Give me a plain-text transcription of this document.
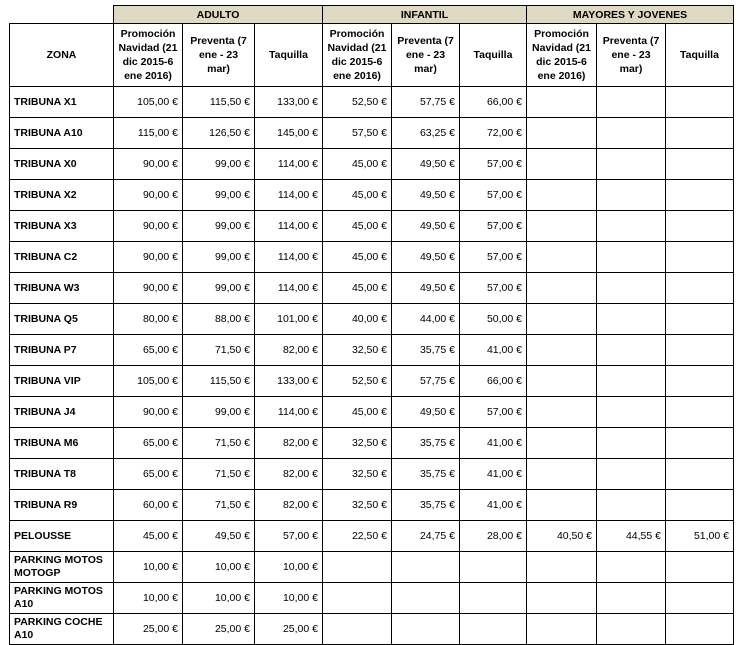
	ADULTO			INFANTIL			MAYORES Y JOVENES		
ZONA	Promoción Navidad (21 dic 2015-6 ene 2016)	Preventa (7 ene - 23 mar)	Taquilla	Promoción Navidad (21 dic 2015-6 ene 2016)	Preventa (7 ene - 23 mar)	Taquilla	Promoción Navidad (21 dic 2015-6 ene 2016)	Preventa (7 ene - 23 mar)	Taquilla
TRIBUNA X1	105,00 €	115,50 €	133,00 €	52,50 €	57,75 €	66,00 €			
TRIBUNA A10	115,00 €	126,50 €	145,00 €	57,50 €	63,25 €	72,00 €			
TRIBUNA X0	90,00 €	99,00 €	114,00 €	45,00 €	49,50 €	57,00 €			
TRIBUNA X2	90,00 €	99,00 €	114,00 €	45,00 €	49,50 €	57,00 €			
TRIBUNA X3	90,00 €	99,00 €	114,00 €	45,00 €	49,50 €	57,00 €			
TRIBUNA C2	90,00 €	99,00 €	114,00 €	45,00 €	49,50 €	57,00 €			
TRIBUNA W3	90,00 €	99,00 €	114,00 €	45,00 €	49,50 €	57,00 €			
TRIBUNA Q5	80,00 €	88,00 €	101,00 €	40,00 €	44,00 €	50,00 €			
TRIBUNA P7	65,00 €	71,50 €	82,00 €	32,50 €	35,75 €	41,00 €			
TRIBUNA VIP	105,00 €	115,50 €	133,00 €	52,50 €	57,75 €	66,00 €			
TRIBUNA J4	90,00 €	99,00 €	114,00 €	45,00 €	49,50 €	57,00 €			
TRIBUNA M6	65,00 €	71,50 €	82,00 €	32,50 €	35,75 €	41,00 €			
TRIBUNA T8	65,00 €	71,50 €	82,00 €	32,50 €	35,75 €	41,00 €			
TRIBUNA R9	60,00 €	71,50 €	82,00 €	32,50 €	35,75 €	41,00 €			
PELOUSSE	45,00 €	49,50 €	57,00 €	22,50 €	24,75 €	28,00 €	40,50 €	44,55 €	51,00 €
PARKING MOTOS MOTOGP	10,00 €	10,00 €	10,00 €						
PARKING MOTOS A10	10,00 €	10,00 €	10,00 €						
PARKING COCHE A10	25,00 €	25,00 €	25,00 €						
